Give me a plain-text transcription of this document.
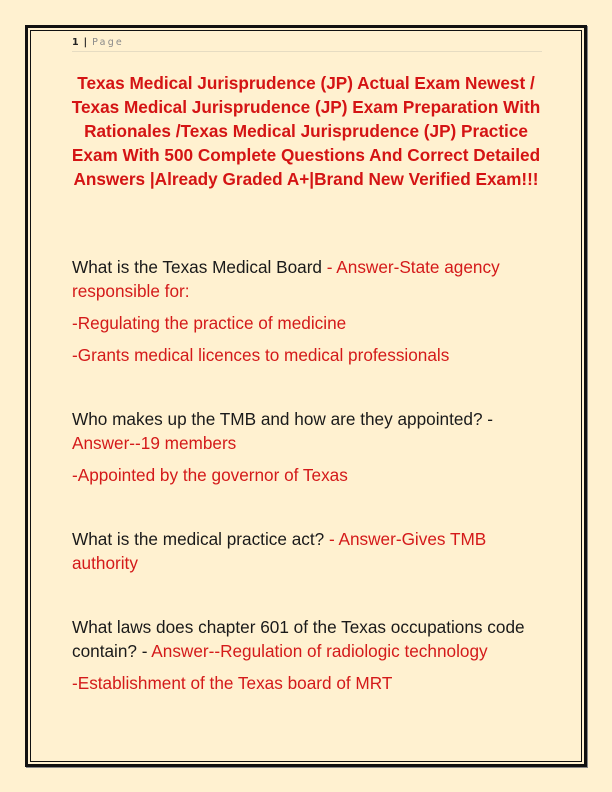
1 | Page
Texas Medical Jurisprudence (JP) Actual Exam Newest / Texas Medical Jurisprudence (JP) Exam Preparation With Rationales /Texas Medical Jurisprudence (JP) Practice Exam With 500 Complete Questions And Correct Detailed Answers |Already Graded A+|Brand New Verified Exam!!!

What is the Texas Medical Board - Answer-State agency responsible for:

-Regulating the practice of medicine

-Grants medical licences to medical professionals

Who makes up the TMB and how are they appointed? - Answer--19 members

-Appointed by the governor of Texas

What is the medical practice act? - Answer-Gives TMB authority

What laws does chapter 601 of the Texas occupations code contain? - Answer--Regulation of radiologic technology

-Establishment of the Texas board of MRT
